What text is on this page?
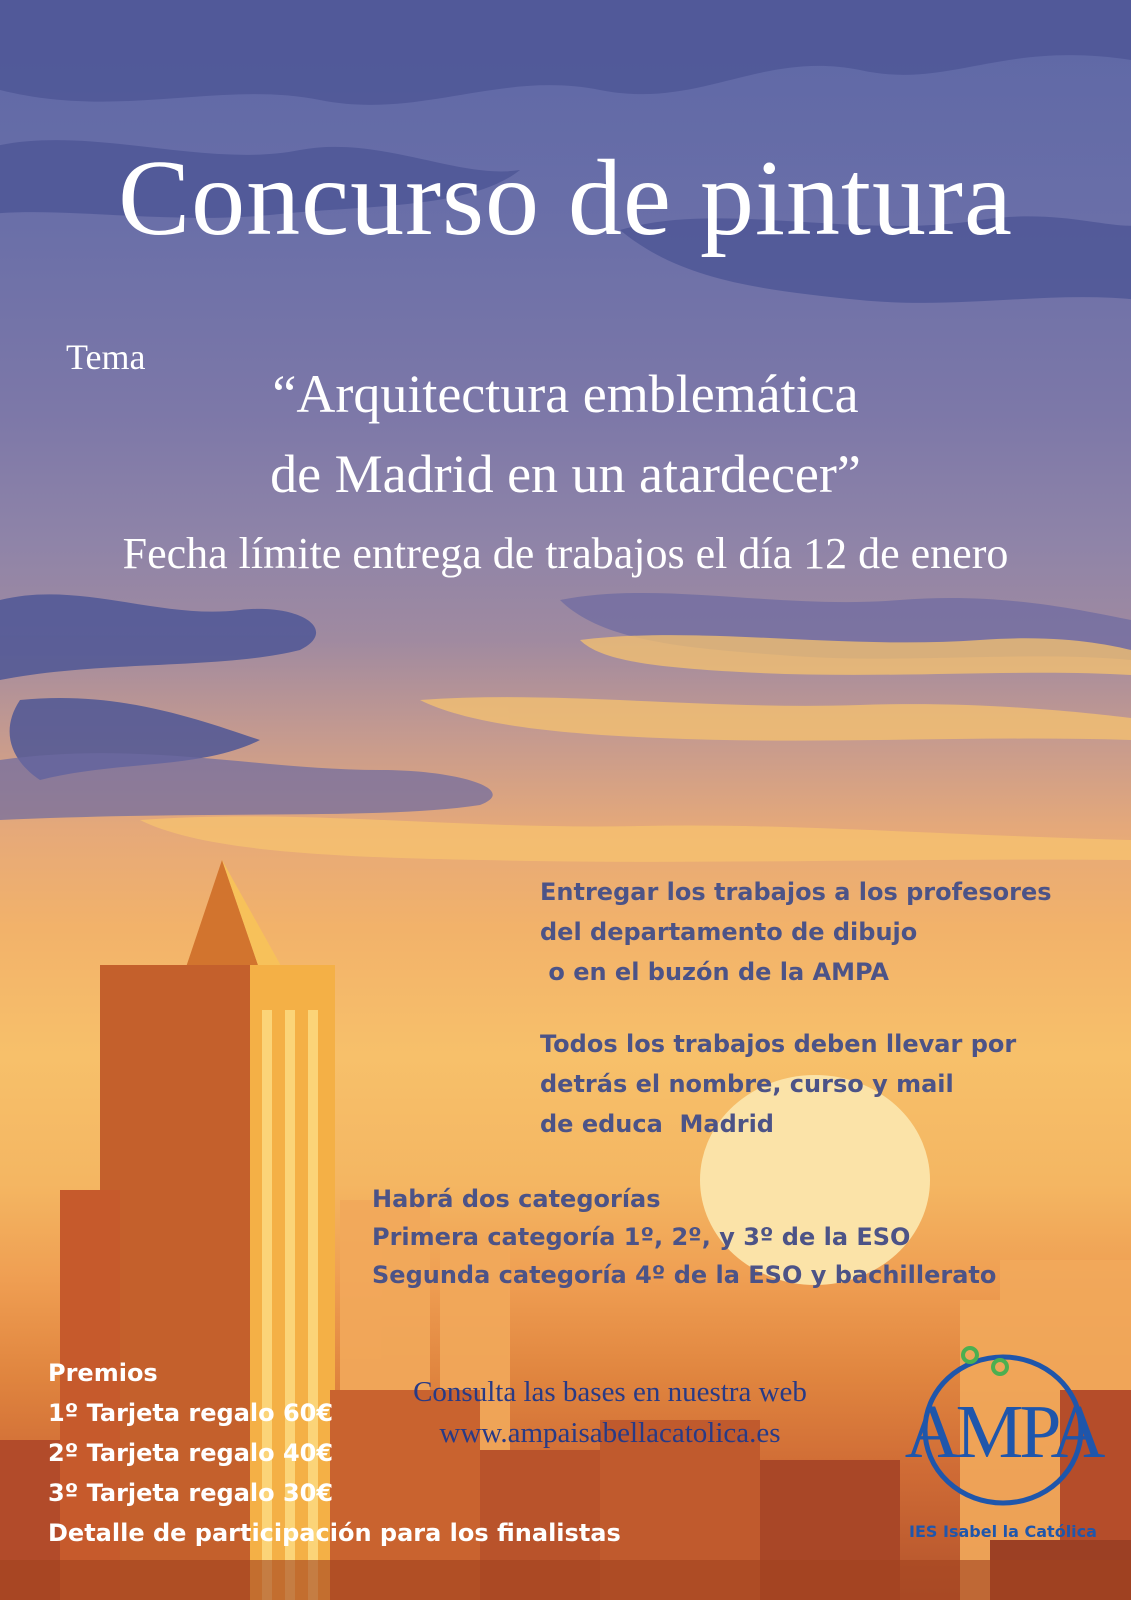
Concurso de pintura
Tema
“Arquitectura emblemática
de Madrid en un atardecer”
Fecha límite entrega de trabajos el día 12 de enero
Entregar los trabajos a los profesores
del departamento de dibujo
o en el buzón de la AMPA
Todos los trabajos deben llevar por
detrás el nombre, curso y mail
de educa  Madrid
Habrá dos categorías
Primera categoría 1º, 2º, y 3º de la ESO
Segunda categoría 4º de la ESO y bachillerato
Premios
1º Tarjeta regalo 60€
2º Tarjeta regalo 40€
3º Tarjeta regalo 30€
Detalle de participación para los finalistas
Consulta las bases en nuestra web
www.ampaisabellacatolica.es	AMPA
IES Isabel la Católica
